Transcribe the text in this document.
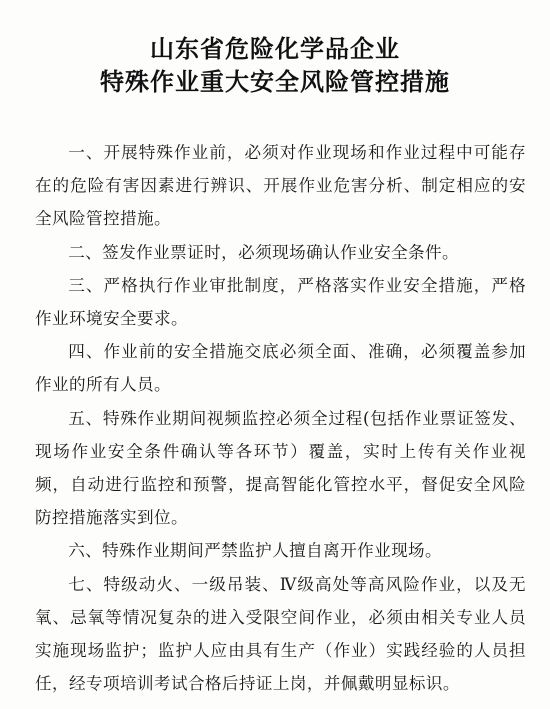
山东省危险化学品企业
特殊作业重大安全风险管控措施

一、开展特殊作业前，必须对作业现场和作业过程中可能存在的危险有害因素进行辨识、开展作业危害分析、制定相应的安全风险管控措施。

二、签发作业票证时，必须现场确认作业安全条件。

三、严格执行作业审批制度，严格落实作业安全措施，严格作业环境安全要求。

四、作业前的安全措施交底必须全面、准确，必须覆盖参加作业的所有人员。

五、特殊作业期间视频监控必须全过程(包括作业票证签发、现场作业安全条件确认等各环节）覆盖，实时上传有关作业视频，自动进行监控和预警，提高智能化管控水平，督促安全风险防控措施落实到位。

六、特殊作业期间严禁监护人擅自离开作业现场。

七、特级动火、一级吊装、Ⅳ级高处等高风险作业，以及无氧、忌氧等情况复杂的进入受限空间作业，必须由相关专业人员实施现场监护；监护人应由具有生产（作业）实践经验的人员担任，经专项培训考试合格后持证上岗，并佩戴明显标识。
